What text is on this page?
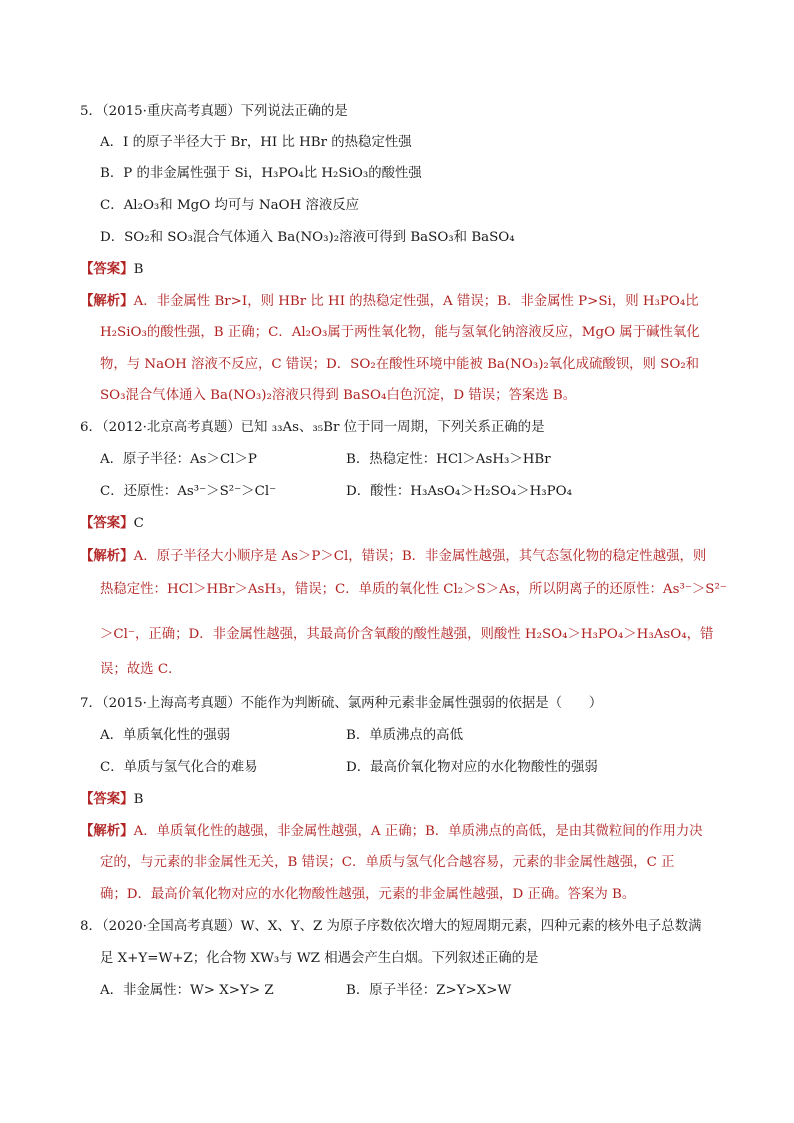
5．（2015·重庆高考真题）下列说法正确的是
A．I 的原子半径大于 Br，HI 比 HBr 的热稳定性强
B．P 的非金属性强于 Si，H₃PO₄比 H₂SiO₃的酸性强
C．Al₂O₃和 MgO 均可与 NaOH 溶液反应
D．SO₂和 SO₃混合气体通入 Ba(NO₃)₂溶液可得到 BaSO₃和 BaSO₄
【答案】B
【解析】A．非金属性 Br>I，则 HBr 比 HI 的热稳定性强，A 错误；B．非金属性 P>Si，则 H₃PO₄比
H₂SiO₃的酸性强，B 正确；C．Al₂O₃属于两性氧化物，能与氢氧化钠溶液反应，MgO 属于碱性氧化
物，与 NaOH 溶液不反应，C 错误；D．SO₂在酸性环境中能被 Ba(NO₃)₂氧化成硫酸钡，则 SO₂和
SO₃混合气体通入 Ba(NO₃)₂溶液只得到 BaSO₄白色沉淀，D 错误；答案选 B。
6．（2012·北京高考真题）已知 ₃₃As、₃₅Br 位于同一周期，下列关系正确的是
A．原子半径：As＞Cl＞P	B．热稳定性：HCl＞AsH₃＞HBr
C．还原性：As³⁻＞S²⁻＞Cl⁻	D．酸性：H₃AsO₄＞H₂SO₄＞H₃PO₄
【答案】C
【解析】A．原子半径大小顺序是 As＞P＞Cl，错误；B．非金属性越强，其气态氢化物的稳定性越强，则
热稳定性：HCl＞HBr＞AsH₃，错误；C．单质的氧化性 Cl₂＞S＞As，所以阴离子的还原性：As³⁻＞S²⁻
＞Cl⁻，正确；D．非金属性越强，其最高价含氧酸的酸性越强，则酸性 H₂SO₄＞H₃PO₄＞H₃AsO₄，错
误；故选 C．
7．（2015·上海高考真题）不能作为判断硫、氯两种元素非金属性强弱的依据是（　　）
A．单质氧化性的强弱	B．单质沸点的高低
C．单质与氢气化合的难易	D．最高价氧化物对应的水化物酸性的强弱
【答案】B
【解析】A．单质氧化性的越强，非金属性越强，A 正确；B．单质沸点的高低，是由其微粒间的作用力决
定的，与元素的非金属性无关，B 错误；C．单质与氢气化合越容易，元素的非金属性越强，C 正
确；D．最高价氧化物对应的水化物酸性越强，元素的非金属性越强，D 正确。答案为 B。
8．（2020·全国高考真题）W、X、Y、Z 为原子序数依次增大的短周期元素，四种元素的核外电子总数满
足 X+Y=W+Z；化合物 XW₃与 WZ 相遇会产生白烟。下列叙述正确的是
A．非金属性：W> X>Y> Z	B．原子半径：Z>Y>X>W
